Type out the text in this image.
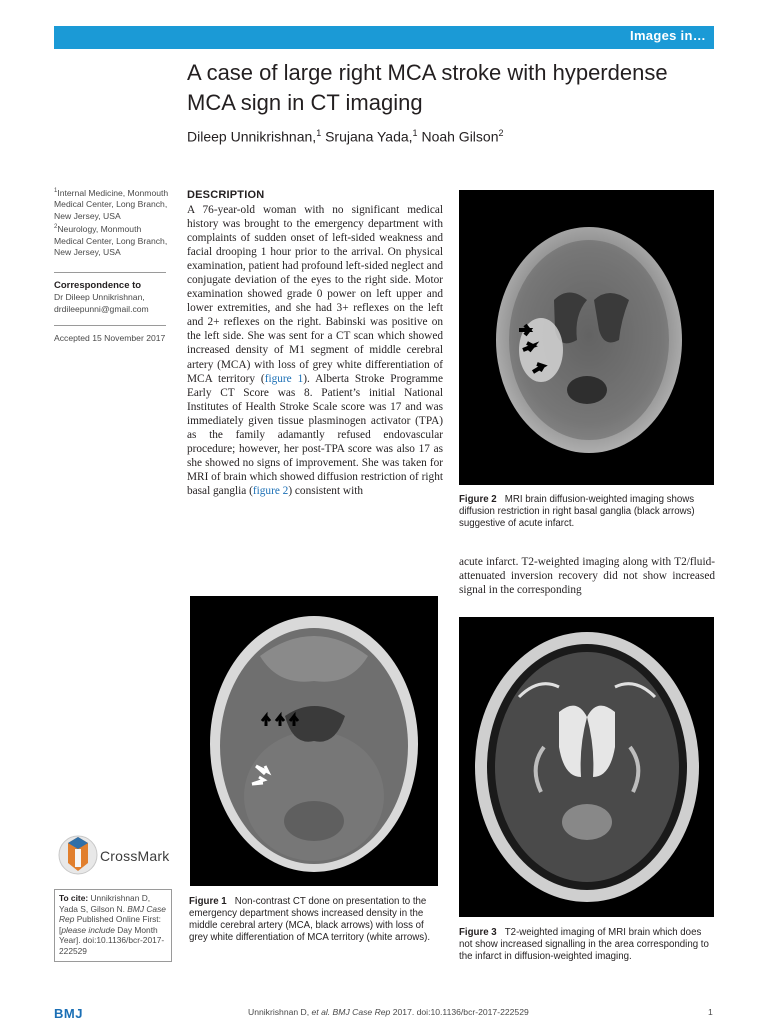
Images in…
A case of large right MCA stroke with hyperdense MCA sign in CT imaging
Dileep Unnikrishnan,$^1$ Srujana Yada,$^1$ Noah Gilson$^2$
$^1$Internal Medicine, Monmouth Medical Center, Long Branch, New Jersey, USA
$^2$Neurology, Monmouth Medical Center, Long Branch, New Jersey, USA
Correspondence to
Dr Dileep Unnikrishnan,
drdileepunni@gmail.com
Accepted 15 November 2017
DESCRIPTION
A 76-year-old woman with no significant medical history was brought to the emergency department with complaints of sudden onset of left-sided weakness and facial drooping 1 hour prior to the arrival. On physical examination, patient had profound left-sided neglect and conjugate deviation of the eyes to the right side. Motor examination showed grade 0 power on left upper and lower extremities, and she had 3+ reflexes on the left and 2+ reflexes on the right. Babinski was positive on the left side. She was sent for a CT scan which showed increased density of M1 segment of middle cerebral artery (MCA) with loss of grey white differentiation of MCA territory (figure 1). Alberta Stroke Programme Early CT Score was 8. Patient’s initial National Institutes of Health Stroke Scale score was 17 and was immediately given tissue plasminogen activator (TPA) as the family adamantly refused endovascular procedure; however, her post-TPA score was also 17 as she showed no signs of improvement. She was taken for MRI of brain which showed diffusion restriction of right basal ganglia (figure 2) consistent with
Figure 2 MRI brain diffusion-weighted imaging shows diffusion restriction in right basal ganglia (black arrows) suggestive of acute infarct.
acute infarct. T2-weighted imaging along with T2/fluid-attenuated inversion recovery did not show increased signal in the corresponding
Figure 1 Non-contrast CT done on presentation to the emergency department shows increased density in the middle cerebral artery (MCA, black arrows) with loss of grey white differentiation of MCA territory (white arrows).	Figure 3 T2-weighted imaging of MRI brain which does not show increased signalling in the area corresponding to the infarct in diffusion-weighted imaging.
CrossMark
To cite: Unnikrishnan D, Yada S, Gilson N. BMJ Case Rep Published Online First: [please include Day Month Year]. doi:10.1136/bcr-2017-222529
BMJ	Unnikrishnan D, et al. BMJ Case Rep 2017. doi:10.1136/bcr-2017-222529	1
